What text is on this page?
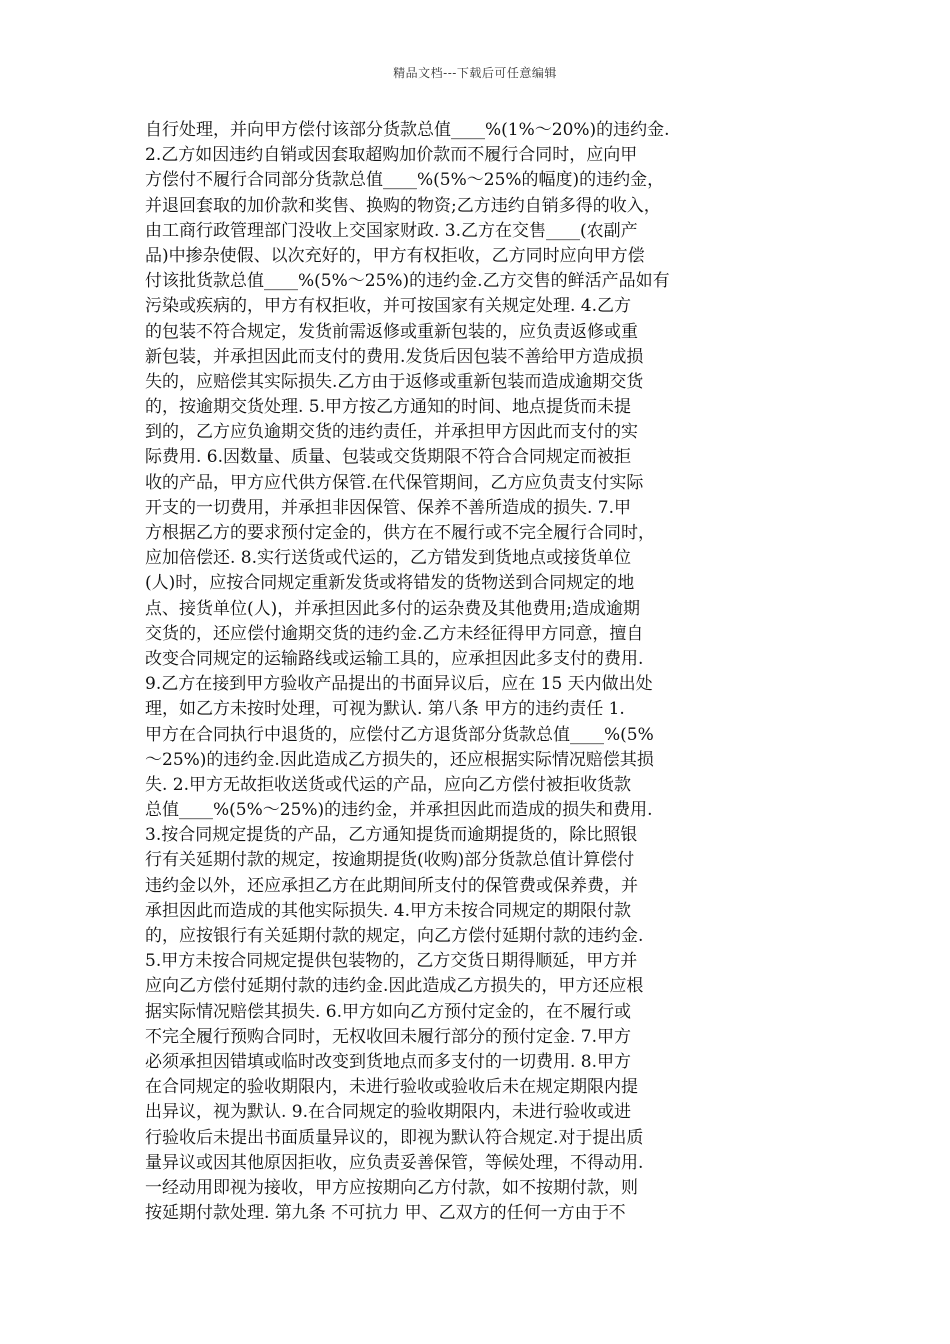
精品文档---下载后可任意编辑
自行处理，并向甲方偿付该部分货款总值____%(1%～20%)的违约金.
2.乙方如因违约自销或因套取超购加价款而不履行合同时，应向甲
方偿付不履行合同部分货款总值____%(5%～25%的幅度)的违约金，
并退回套取的加价款和奖售、换购的物资;乙方违约自销多得的收入，
由工商行政管理部门没收上交国家财政. 3.乙方在交售____(农副产
品)中掺杂使假、以次充好的，甲方有权拒收，乙方同时应向甲方偿
付该批货款总值____%(5%～25%)的违约金.乙方交售的鲜活产品如有
污染或疾病的，甲方有权拒收，并可按国家有关规定处理. 4.乙方
的包装不符合规定，发货前需返修或重新包装的，应负责返修或重
新包装，并承担因此而支付的费用.发货后因包装不善给甲方造成损
失的，应赔偿其实际损失.乙方由于返修或重新包装而造成逾期交货
的，按逾期交货处理. 5.甲方按乙方通知的时间、地点提货而未提
到的，乙方应负逾期交货的违约责任，并承担甲方因此而支付的实
际费用. 6.因数量、质量、包装或交货期限不符合合同规定而被拒
收的产品，甲方应代供方保管.在代保管期间，乙方应负责支付实际
开支的一切费用，并承担非因保管、保养不善所造成的损失. 7.甲
方根据乙方的要求预付定金的，供方在不履行或不完全履行合同时，
应加倍偿还. 8.实行送货或代运的，乙方错发到货地点或接货单位
(人)时，应按合同规定重新发货或将错发的货物送到合同规定的地
点、接货单位(人)，并承担因此多付的运杂费及其他费用;造成逾期
交货的，还应偿付逾期交货的违约金.乙方未经征得甲方同意，擅自
改变合同规定的运输路线或运输工具的，应承担因此多支付的费用.
9.乙方在接到甲方验收产品提出的书面异议后，应在 15 天内做出处
理，如乙方未按时处理，可视为默认. 第八条 甲方的违约责任 1.
甲方在合同执行中退货的，应偿付乙方退货部分货款总值____%(5%
～25%)的违约金.因此造成乙方损失的，还应根据实际情况赔偿其损
失. 2.甲方无故拒收送货或代运的产品，应向乙方偿付被拒收货款
总值____%(5%～25%)的违约金，并承担因此而造成的损失和费用.
3.按合同规定提货的产品，乙方通知提货而逾期提货的，除比照银
行有关延期付款的规定，按逾期提货(收购)部分货款总值计算偿付
违约金以外，还应承担乙方在此期间所支付的保管费或保养费，并
承担因此而造成的其他实际损失. 4.甲方未按合同规定的期限付款
的，应按银行有关延期付款的规定，向乙方偿付延期付款的违约金.
5.甲方未按合同规定提供包装物的，乙方交货日期得顺延，甲方并
应向乙方偿付延期付款的违约金.因此造成乙方损失的，甲方还应根
据实际情况赔偿其损失. 6.甲方如向乙方预付定金的，在不履行或
不完全履行预购合同时，无权收回未履行部分的预付定金. 7.甲方
必须承担因错填或临时改变到货地点而多支付的一切费用. 8.甲方
在合同规定的验收期限内，未进行验收或验收后未在规定期限内提
出异议，视为默认. 9.在合同规定的验收期限内，未进行验收或进
行验收后未提出书面质量异议的，即视为默认符合规定.对于提出质
量异议或因其他原因拒收，应负责妥善保管，等候处理，不得动用.
一经动用即视为接收，甲方应按期向乙方付款，如不按期付款，则
按延期付款处理. 第九条 不可抗力 甲、乙双方的任何一方由于不
